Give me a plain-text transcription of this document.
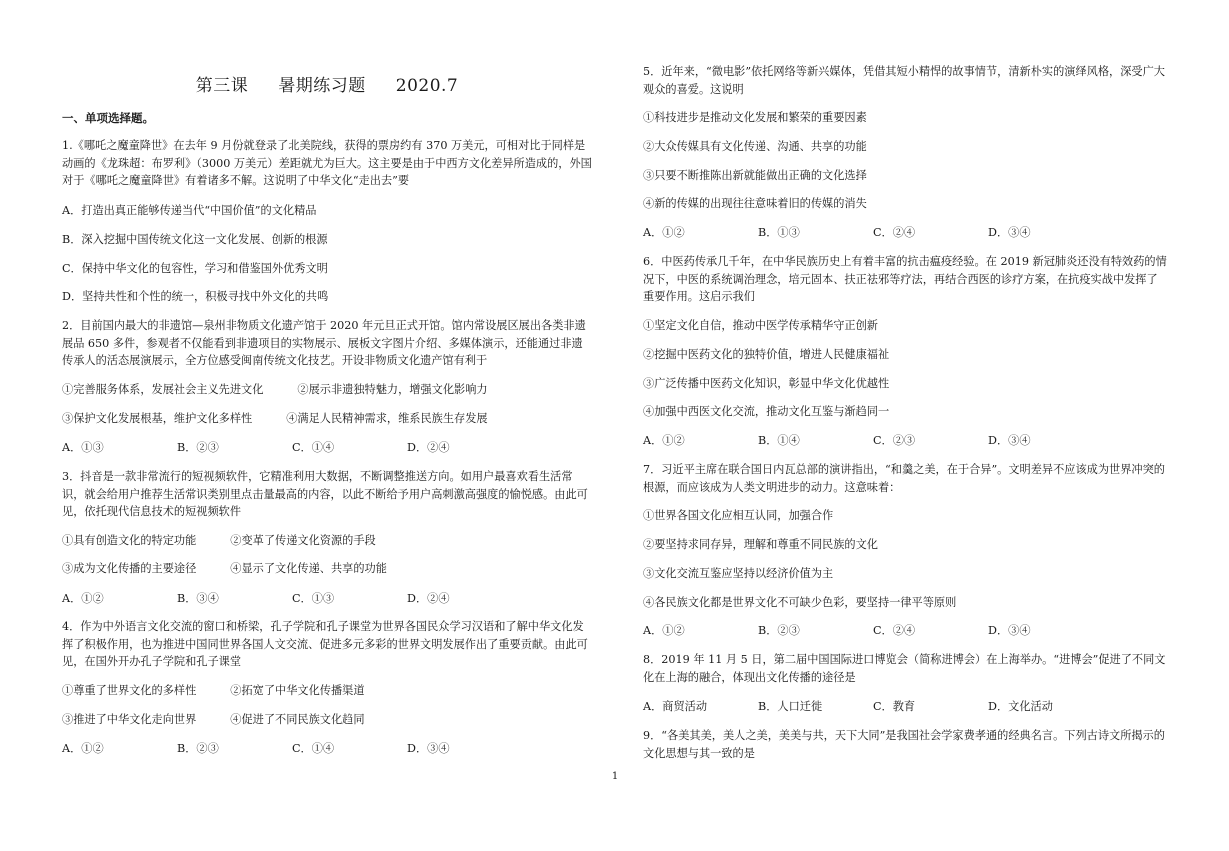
第三课 暑期练习题 2020.7
一、单项选择题。
1.《哪吒之魔童降世》在去年 9 月份就登录了北美院线，获得的票房约有 370 万美元，可相对比于同样是动画的《龙珠超：布罗利》（3000 万美元）差距就尤为巨大。这主要是由于中西方文化差异所造成的，外国对于《哪吒之魔童降世》有着诸多不解。这说明了中华文化“走出去”要
A．打造出真正能够传递当代“中国价值”的文化精品
B．深入挖掘中国传统文化这一文化发展、创新的根源
C．保持中华文化的包容性，学习和借鉴国外优秀文明
D．坚持共性和个性的统一，积极寻找中外文化的共鸣
2．目前国内最大的非遗馆—泉州非物质文化遗产馆于 2020 年元旦正式开馆。馆内常设展区展出各类非遗展品 650 多件，参观者不仅能看到非遗项目的实物展示、展板文字图片介绍、多媒体演示，还能通过非遗传承人的活态展演展示，全方位感受闽南传统文化技艺。开设非物质文化遗产馆有利于
①完善服务体系，发展社会主义先进文化	②展示非遗独特魅力，增强文化影响力
③保护文化发展根基，维护文化多样性	④满足人民精神需求，维系民族生存发展
A．①③	B．②③	C．①④	D．②④
3．抖音是一款非常流行的短视频软件，它精准利用大数据，不断调整推送方向。如用户最喜欢看生活常识，就会给用户推荐生活常识类别里点击量最高的内容，以此不断给予用户高刺激高强度的愉悦感。由此可见，依托现代信息技术的短视频软件
①具有创造文化的特定功能	②变革了传递文化资源的手段
③成为文化传播的主要途径	④显示了文化传递、共享的功能
A．①②	B．③④	C．①③	D．②④
4．作为中外语言文化交流的窗口和桥梁，孔子学院和孔子课堂为世界各国民众学习汉语和了解中华文化发挥了积极作用，也为推进中国同世界各国人文交流、促进多元多彩的世界文明发展作出了重要贡献。由此可见，在国外开办孔子学院和孔子课堂
①尊重了世界文化的多样性	②拓宽了中华文化传播渠道
③推进了中华文化走向世界	④促进了不同民族文化趋同
A．①②	B．②③	C．①④	D．③④
5．近年来，“微电影”依托网络等新兴媒体，凭借其短小精悍的故事情节，清新朴实的演绎风格，深受广大观众的喜爱。这说明
①科技进步是推动文化发展和繁荣的重要因素
②大众传媒具有文化传递、沟通、共享的功能
③只要不断推陈出新就能做出正确的文化选择
④新的传媒的出现往往意味着旧的传媒的消失
A．①②	B．①③	C．②④	D．③④
6．中医药传承几千年，在中华民族历史上有着丰富的抗击瘟疫经验。在 2019 新冠肺炎还没有特效药的情况下，中医的系统调治理念，培元固本、扶正祛邪等疗法，再结合西医的诊疗方案，在抗疫实战中发挥了重要作用。这启示我们
①坚定文化自信，推动中医学传承精华守正创新
②挖掘中医药文化的独特价值，增进人民健康福祉
③广泛传播中医药文化知识，彰显中华文化优越性
④加强中西医文化交流，推动文化互鉴与渐趋同一
A．①②	B．①④	C．②③	D．③④
7．习近平主席在联合国日内瓦总部的演讲指出，“和羹之美，在于合异”。文明差异不应该成为世界冲突的根源，而应该成为人类文明进步的动力。这意味着：
①世界各国文化应相互认同，加强合作
②要坚持求同存异，理解和尊重不同民族的文化
③文化交流互鉴应坚持以经济价值为主
④各民族文化都是世界文化不可缺少色彩，要坚持一律平等原则
A．①②	B．②③	C．②④	D．③④
8．2019 年 11 月 5 日，第二届中国国际进口博览会（简称进博会）在上海举办。“进博会”促进了不同文化在上海的融合，体现出文化传播的途径是
A．商贸活动	B．人口迁徙	C．教育	D．文化活动
9．“各美其美，美人之美，美美与共，天下大同”是我国社会学家费孝通的经典名言。下列古诗文所揭示的文化思想与其一致的是
1
